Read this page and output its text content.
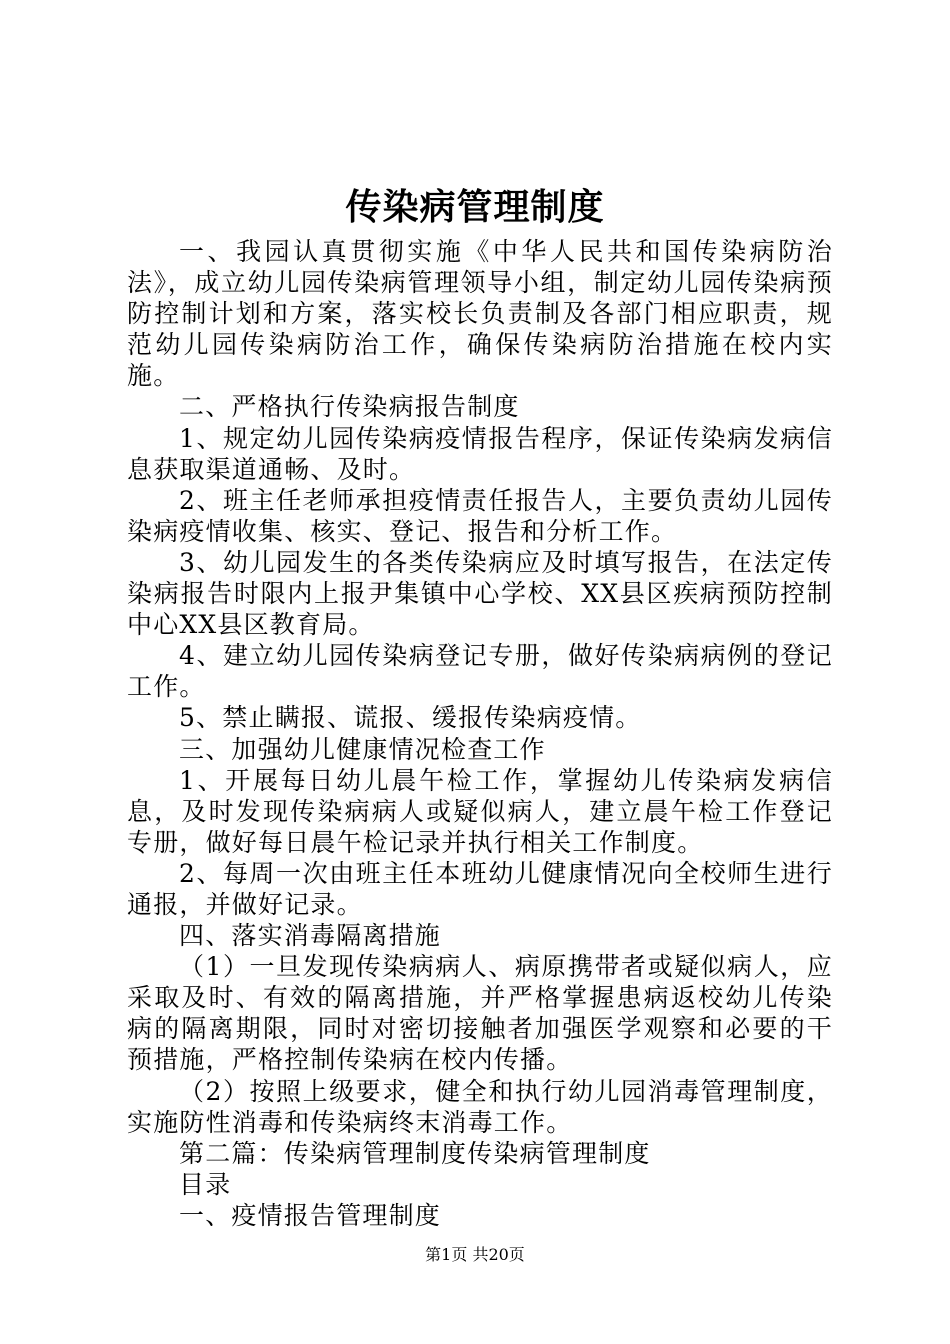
传染病管理制度

一、我园认真贯彻实施《中华人民共和国传染病防治法》，成立幼儿园传染病管理领导小组，制定幼儿园传染病预防控制计划和方案，落实校长负责制及各部门相应职责，规范幼儿园传染病防治工作，确保传染病防治措施在校内实施。

二、严格执行传染病报告制度

1、规定幼儿园传染病疫情报告程序，保证传染病发病信息获取渠道通畅、及时。

2、班主任老师承担疫情责任报告人，主要负责幼儿园传染病疫情收集、核实、登记、报告和分析工作。

3、幼儿园发生的各类传染病应及时填写报告，在法定传染病报告时限内上报尹集镇中心学校、XX县区疾病预防控制中心XX县区教育局。

4、建立幼儿园传染病登记专册，做好传染病病例的登记工作。

5、禁止瞒报、谎报、缓报传染病疫情。

三、加强幼儿健康情况检查工作

1、开展每日幼儿晨午检工作，掌握幼儿传染病发病信息，及时发现传染病病人或疑似病人，建立晨午检工作登记专册，做好每日晨午检记录并执行相关工作制度。

2、每周一次由班主任本班幼儿健康情况向全校师生进行通报，并做好记录。

四、落实消毒隔离措施

（1）一旦发现传染病病人、病原携带者或疑似病人，应采取及时、有效的隔离措施，并严格掌握患病返校幼儿传染病的隔离期限，同时对密切接触者加强医学观察和必要的干预措施，严格控制传染病在校内传播。

（2）按照上级要求，健全和执行幼儿园消毒管理制度，实施防性消毒和传染病终末消毒工作。

第二篇：传染病管理制度传染病管理制度

目录

一、疫情报告管理制度

第1页 共20页
